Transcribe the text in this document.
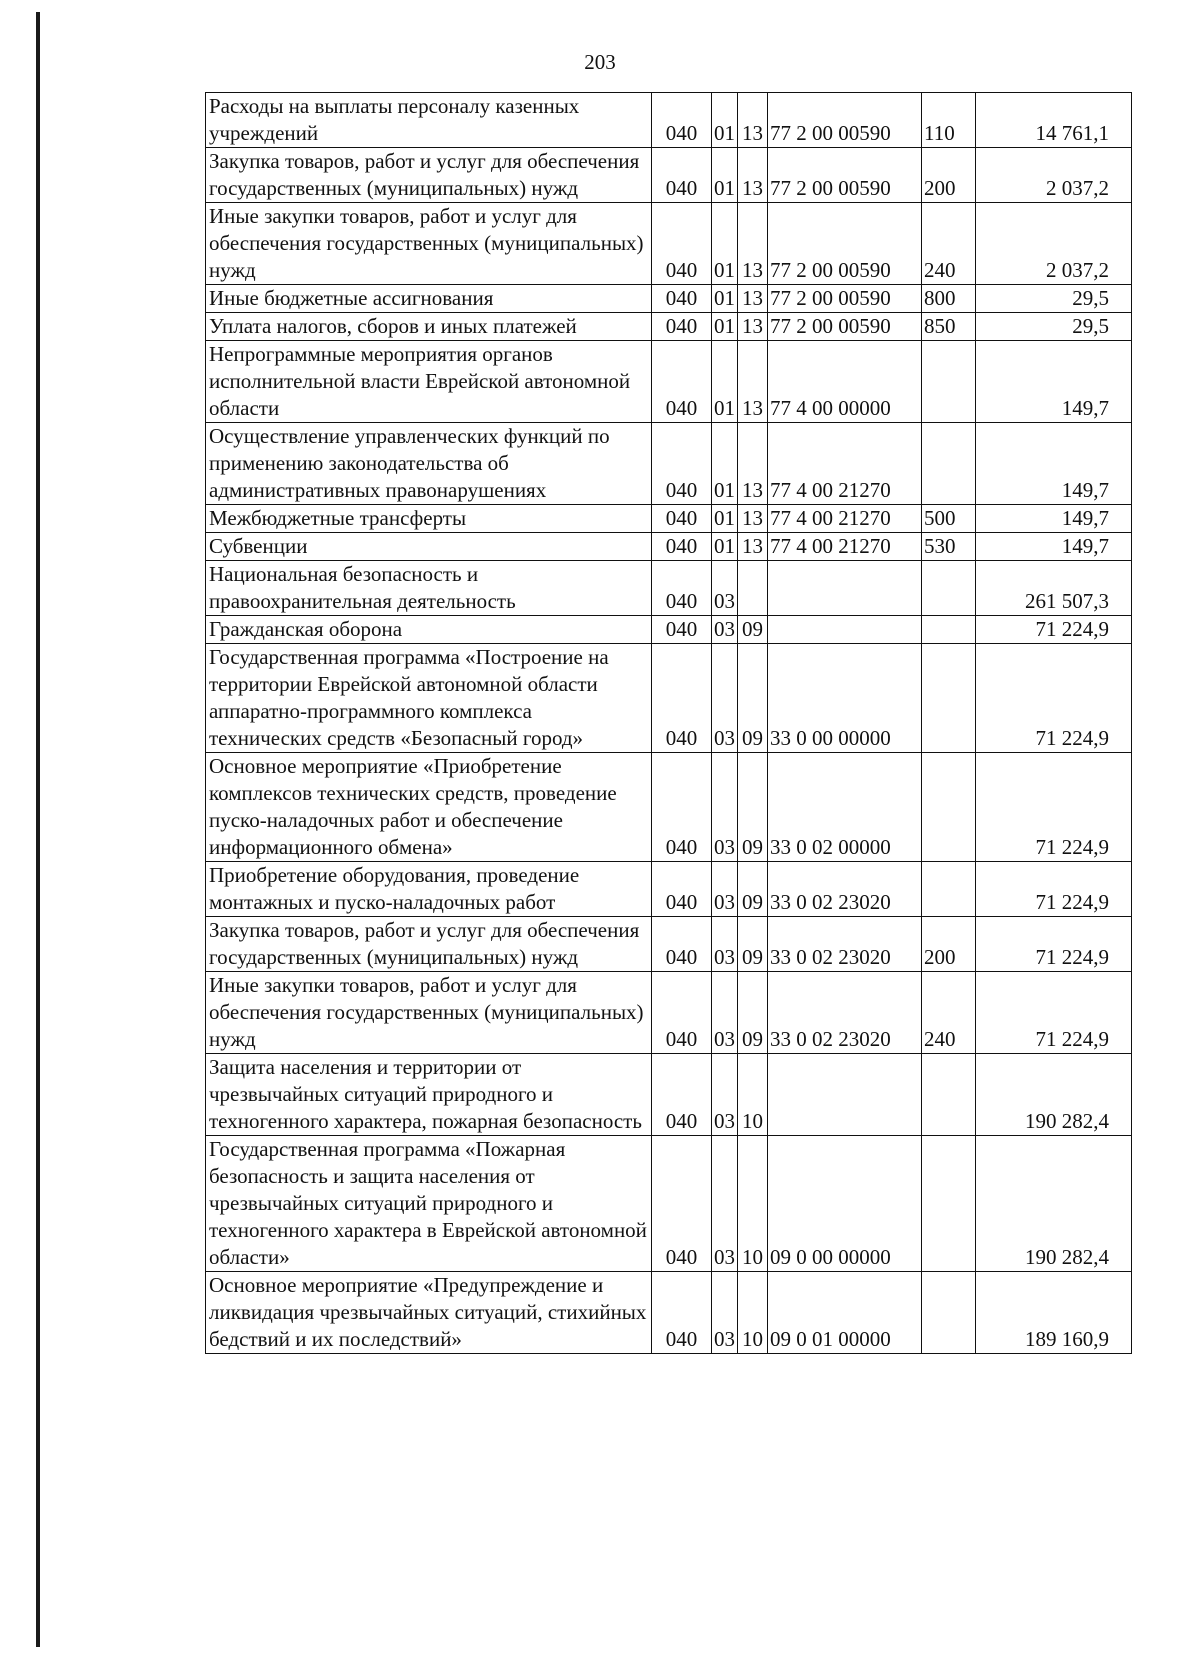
203
Расходы на выплаты персоналу казенных учреждений	040	01	13	77 2 00 00590	110	14 761,1
Закупка товаров, работ и услуг для обеспечения государственных (муниципальных) нужд	040	01	13	77 2 00 00590	200	2 037,2
Иные закупки товаров, работ и услуг для обеспечения государственных (муниципальных) нужд	040	01	13	77 2 00 00590	240	2 037,2
Иные бюджетные ассигнования	040	01	13	77 2 00 00590	800	29,5
Уплата налогов, сборов и иных платежей	040	01	13	77 2 00 00590	850	29,5
Непрограммные мероприятия органов исполнительной власти Еврейской автономной области	040	01	13	77 4 00 00000		149,7
Осуществление управленческих функций по применению законодательства об административных правонарушениях	040	01	13	77 4 00 21270		149,7
Межбюджетные трансферты	040	01	13	77 4 00 21270	500	149,7
Субвенции	040	01	13	77 4 00 21270	530	149,7
Национальная безопасность и правоохранительная деятельность	040	03				261 507,3
Гражданская оборона	040	03	09			71 224,9
Государственная программа «Построение на территории Еврейской автономной области аппаратно-программного комплекса технических средств «Безопасный город»	040	03	09	33 0 00 00000		71 224,9
Основное мероприятие «Приобретение комплексов технических средств, проведение пуско-наладочных работ и обеспечение информационного обмена»	040	03	09	33 0 02 00000		71 224,9
Приобретение оборудования, проведение монтажных и пуско-наладочных работ	040	03	09	33 0 02 23020		71 224,9
Закупка товаров, работ и услуг для обеспечения государственных (муниципальных) нужд	040	03	09	33 0 02 23020	200	71 224,9
Иные закупки товаров, работ и услуг для обеспечения государственных (муниципальных) нужд	040	03	09	33 0 02 23020	240	71 224,9
Защита населения и территории от чрезвычайных ситуаций природного и техногенного характера, пожарная безопасность	040	03	10			190 282,4
Государственная программа «Пожарная безопасность и защита населения от чрезвычайных ситуаций природного и техногенного характера в Еврейской автономной области»	040	03	10	09 0 00 00000		190 282,4
Основное мероприятие «Предупреждение и ликвидация чрезвычайных ситуаций, стихийных бедствий и их последствий»	040	03	10	09 0 01 00000		189 160,9
